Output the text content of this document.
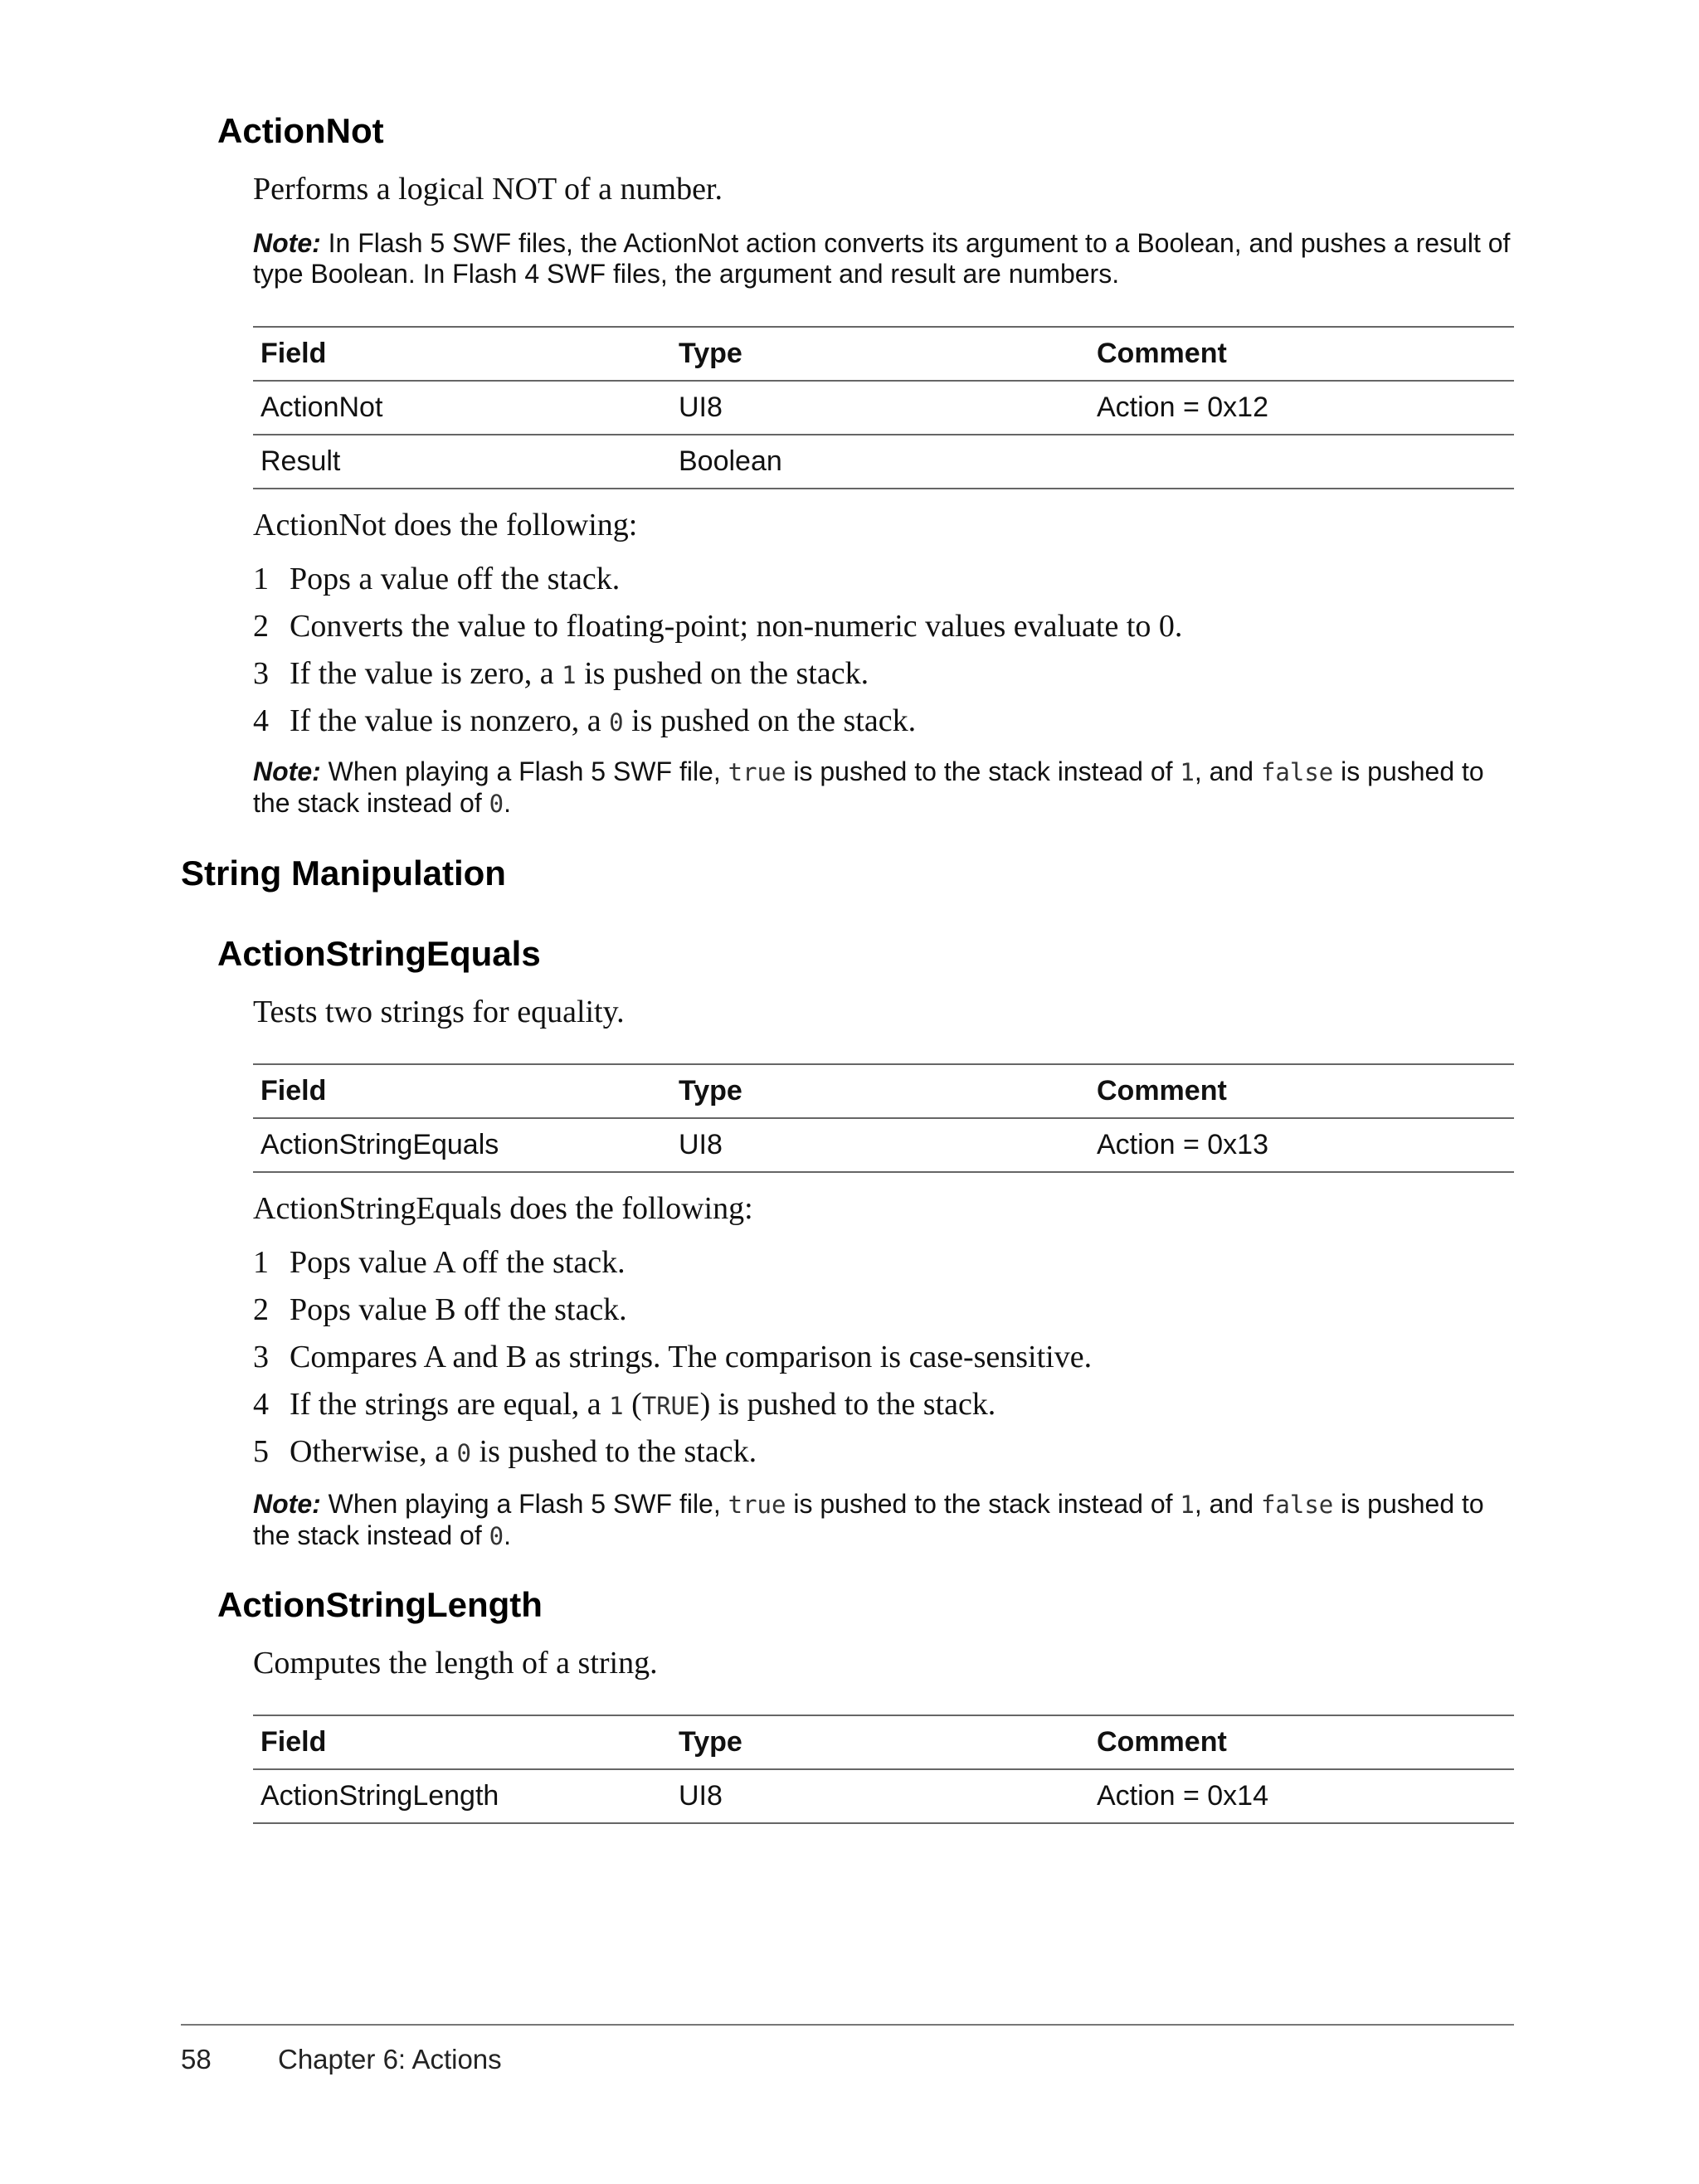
ActionNot

Performs a logical NOT of a number.

Note: In Flash 5 SWF files, the ActionNot action converts its argument to a Boolean, and pushes a result of type Boolean. In Flash 4 SWF files, the argument and result are numbers.

Field	Type	Comment
ActionNot	UI8	Action = 0x12
Result	Boolean	

ActionNot does the following:

1 Pops a value off the stack.
2 Converts the value to floating-point; non-numeric values evaluate to 0.
3 If the value is zero, a 1 is pushed on the stack.
4 If the value is nonzero, a 0 is pushed on the stack.

Note: When playing a Flash 5 SWF file, true is pushed to the stack instead of 1, and false is pushed to the stack instead of 0.

String Manipulation
ActionStringEquals

Tests two strings for equality.

Field	Type	Comment
ActionStringEquals	UI8	Action = 0x13

ActionStringEquals does the following:

1 Pops value A off the stack.
2 Pops value B off the stack.
3 Compares A and B as strings. The comparison is case-sensitive.
4 If the strings are equal, a 1 (TRUE) is pushed to the stack.
5 Otherwise, a 0 is pushed to the stack.

Note: When playing a Flash 5 SWF file, true is pushed to the stack instead of 1, and false is pushed to the stack instead of 0.

ActionStringLength

Computes the length of a string.

Field	Type	Comment
ActionStringLength	UI8	Action = 0x14
58 Chapter 6: Actions
